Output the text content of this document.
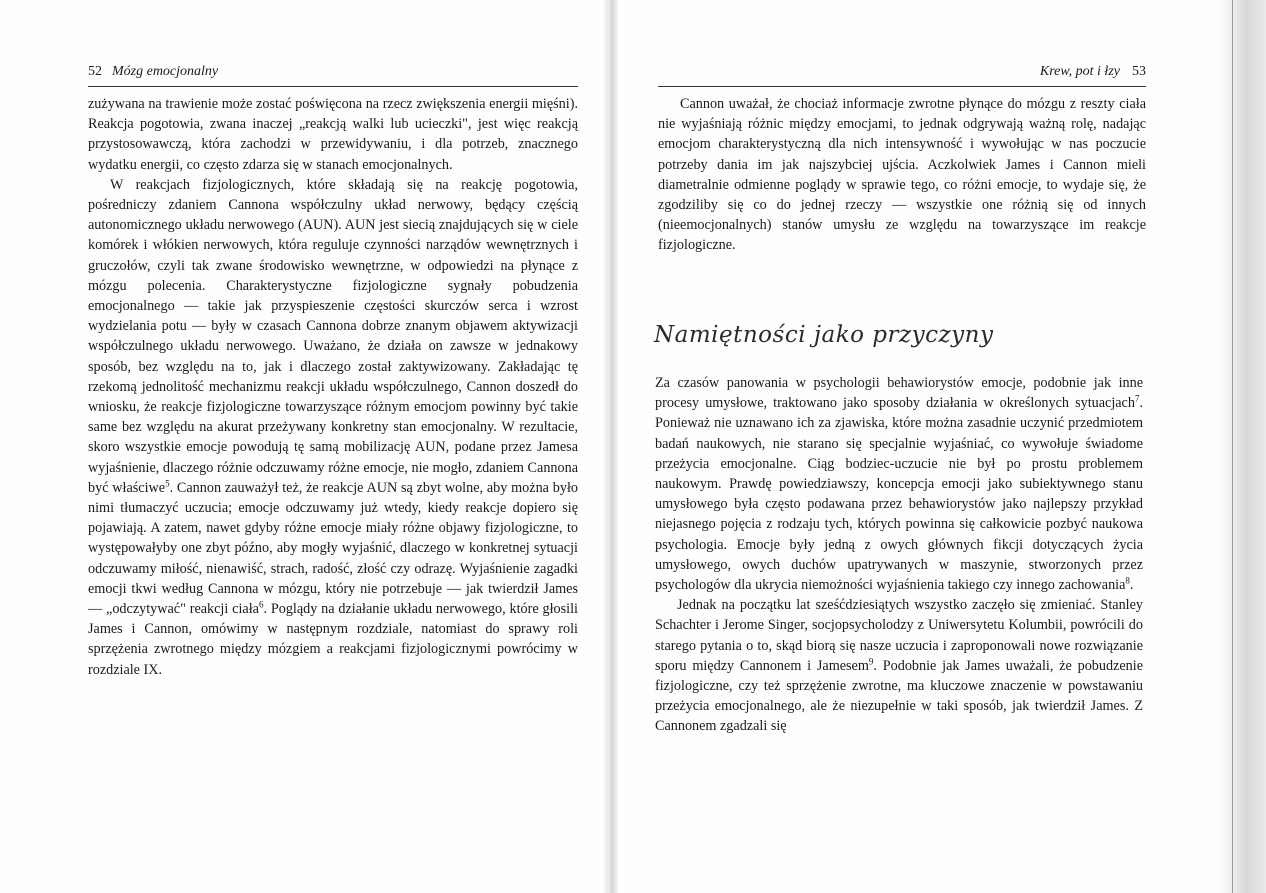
52 Mózg emocjonalny

zużywana na trawienie może zostać poświęcona na rzecz zwiększenia energii mięśni). Reakcja pogotowia, zwana inaczej „reakcją walki lub ucieczki", jest więc reakcją przystosowawczą, która zachodzi w przewidywaniu, i dla potrzeb, znacznego wydatku energii, co często zdarza się w stanach emocjonalnych.

W reakcjach fizjologicznych, które składają się na reakcję pogotowia, pośredniczy zdaniem Cannona współczulny układ nerwowy, będący częścią autonomicznego układu nerwowego (AUN). AUN jest siecią znajdujących się w ciele komórek i włókien nerwowych, która reguluje czynności narządów wewnętrznych i gruczołów, czyli tak zwane środowisko wewnętrzne, w odpowiedzi na płynące z mózgu polecenia. Charakterystyczne fizjologiczne sygnały pobudzenia emocjonalnego — takie jak przyspieszenie częstości skurczów serca i wzrost wydzielania potu — były w czasach Cannona dobrze znanym objawem aktywizacji współczulnego układu nerwowego. Uważano, że działa on zawsze w jednakowy sposób, bez względu na to, jak i dlaczego został zaktywizowany. Zakładając tę rzekomą jednolitość mechanizmu reakcji układu współczulnego, Cannon doszedł do wniosku, że reakcje fizjologiczne towarzyszące różnym emocjom powinny być takie same bez względu na akurat przeżywany konkretny stan emocjonalny. W rezultacie, skoro wszystkie emocje powodują tę samą mobilizację AUN, podane przez Jamesa wyjaśnienie, dlaczego różnie odczuwamy różne emocje, nie mogło, zdaniem Cannona być właściwe$^5$. Cannon zauważył też, że reakcje AUN są zbyt wolne, aby można było nimi tłumaczyć uczucia; emocje odczuwamy już wtedy, kiedy reakcje dopiero się pojawiają. A zatem, nawet gdyby różne emocje miały różne objawy fizjologiczne, to występowałyby one zbyt późno, aby mogły wyjaśnić, dlaczego w konkretnej sytuacji odczuwamy miłość, nienawiść, strach, radość, złość czy odrazę. Wyjaśnienie zagadki emocji tkwi według Cannona w mózgu, który nie potrzebuje — jak twierdził James — „odczytywać" reakcji ciała$^6$. Poglądy na działanie układu nerwowego, które głosili James i Cannon, omówimy w następnym rozdziale, natomiast do sprawy roli sprzężenia zwrotnego między mózgiem a reakcjami fizjologicznymi powrócimy w rozdziale IX.

Krew, pot i łzy 53

Cannon uważał, że chociaż informacje zwrotne płynące do mózgu z reszty ciała nie wyjaśniają różnic między emocjami, to jednak odgrywają ważną rolę, nadając emocjom charakterystyczną dla nich intensywność i wywołując w nas poczucie potrzeby dania im jak najszybciej ujścia. Aczkolwiek James i Cannon mieli diametralnie odmienne poglądy w sprawie tego, co różni emocje, to wydaje się, że zgodziliby się co do jednej rzeczy — wszystkie one różnią się od innych (nieemocjonalnych) stanów umysłu ze względu na towarzyszące im reakcje fizjologiczne.

Namiętności jako przyczyny

Za czasów panowania w psychologii behawiorystów emocje, podobnie jak inne procesy umysłowe, traktowano jako sposoby działania w określonych sytuacjach$^7$. Ponieważ nie uznawano ich za zjawiska, które można zasadnie uczynić przedmiotem badań naukowych, nie starano się specjalnie wyjaśniać, co wywołuje świadome przeżycia emocjonalne. Ciąg bodziec-uczucie nie był po prostu problemem naukowym. Prawdę powiedziawszy, koncepcja emocji jako subiektywnego stanu umysłowego była często podawana przez behawiorystów jako najlepszy przykład niejasnego pojęcia z rodzaju tych, których powinna się całkowicie pozbyć naukowa psychologia. Emocje były jedną z owych głównych fikcji dotyczących życia umysłowego, owych duchów upatrywanych w maszynie, stworzonych przez psychologów dla ukrycia niemożności wyjaśnienia takiego czy innego zachowania$^8$.

Jednak na początku lat sześćdziesiątych wszystko zaczęło się zmieniać. Stanley Schachter i Jerome Singer, socjopsycholodzy z Uniwersytetu Kolumbii, powrócili do starego pytania o to, skąd biorą się nasze uczucia i zaproponowali nowe rozwiązanie sporu między Cannonem i Jamesem$^9$. Podobnie jak James uważali, że pobudzenie fizjologiczne, czy też sprzężenie zwrotne, ma kluczowe znaczenie w powstawaniu przeżycia emocjonalnego, ale że niezupełnie w taki sposób, jak twierdził James. Z Cannonem zgadzali się
